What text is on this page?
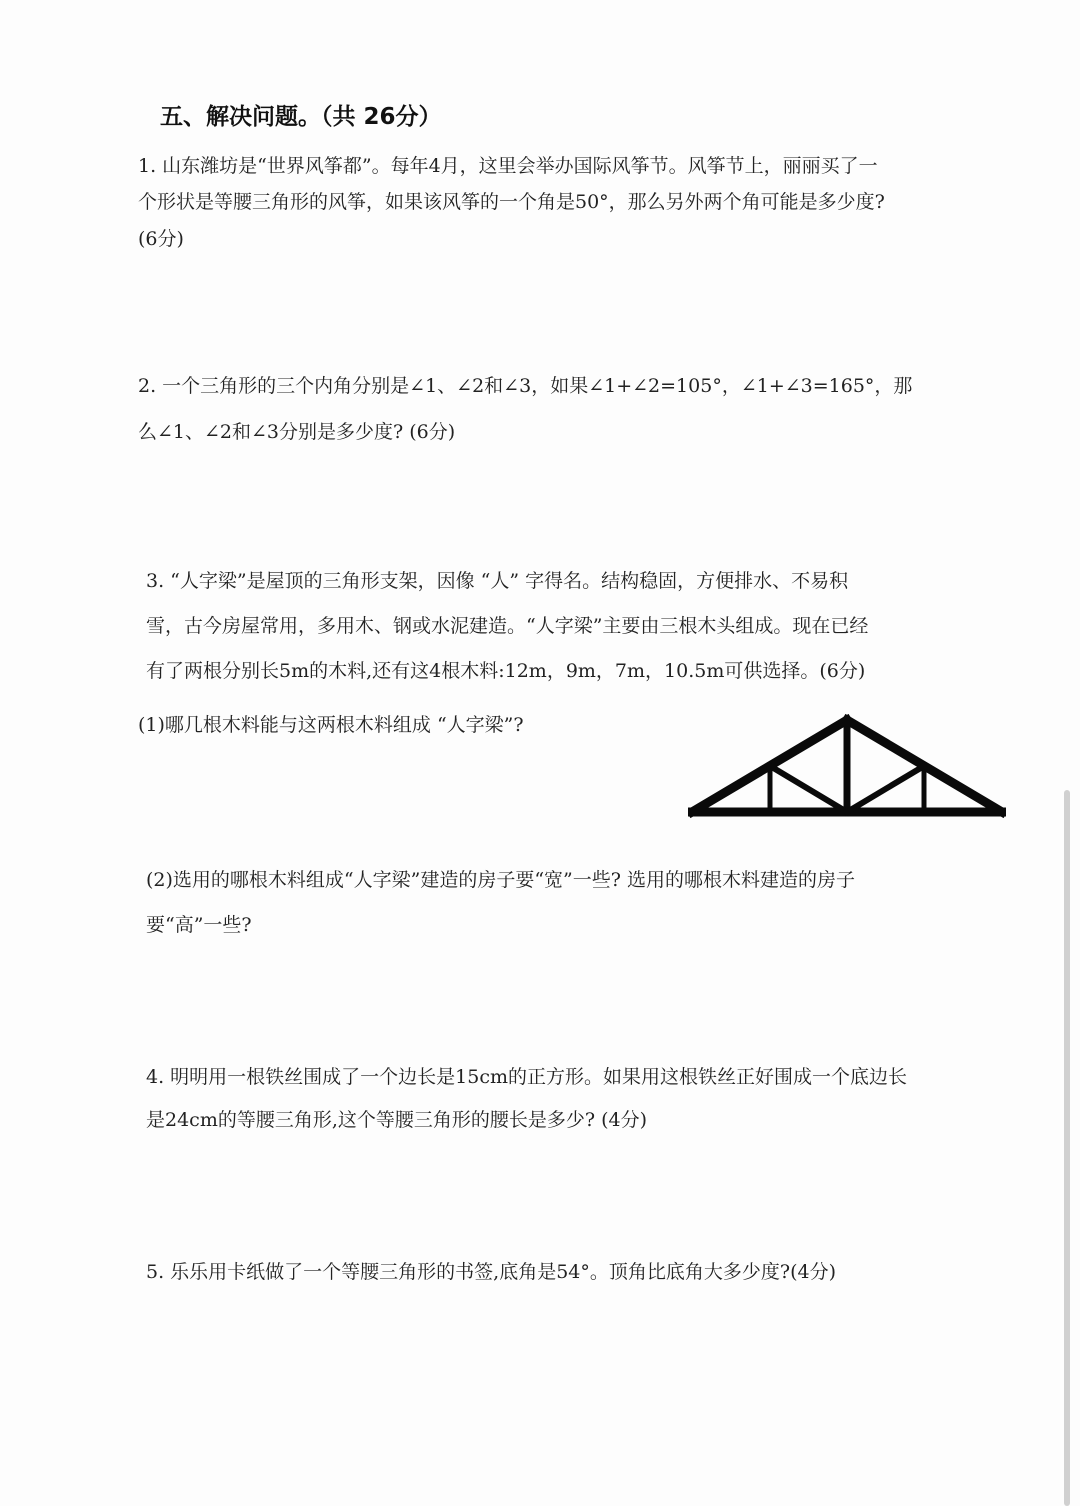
五、解决问题。（共 26分）
1. 山东潍坊是“世界风筝都”。每年4月，这里会举办国际风筝节。风筝节上，丽丽买了一
个形状是等腰三角形的风筝，如果该风筝的一个角是50°，那么另外两个角可能是多少度?
(6分)
2. 一个三角形的三个内角分别是∠1、∠2和∠3，如果∠1+∠2=105°，∠1+∠3=165°，那
么∠1、∠2和∠3分别是多少度? (6分)
3. “人字梁”是屋顶的三角形支架，因像 “人” 字得名。结构稳固，方便排水、不易积
雪，古今房屋常用，多用木、钢或水泥建造。“人字梁”主要由三根木头组成。现在已经
有了两根分别长5m的木料,还有这4根木料:12m，9m，7m，10.5m可供选择。(6分)
(1)哪几根木料能与这两根木料组成 “人字梁”?
(2)选用的哪根木料组成“人字梁”建造的房子要“宽”一些? 选用的哪根木料建造的房子
要“高”一些?
4. 明明用一根铁丝围成了一个边长是15cm的正方形。如果用这根铁丝正好围成一个底边长
是24cm的等腰三角形,这个等腰三角形的腰长是多少? (4分)
5. 乐乐用卡纸做了一个等腰三角形的书签,底角是54°。顶角比底角大多少度?(4分)
